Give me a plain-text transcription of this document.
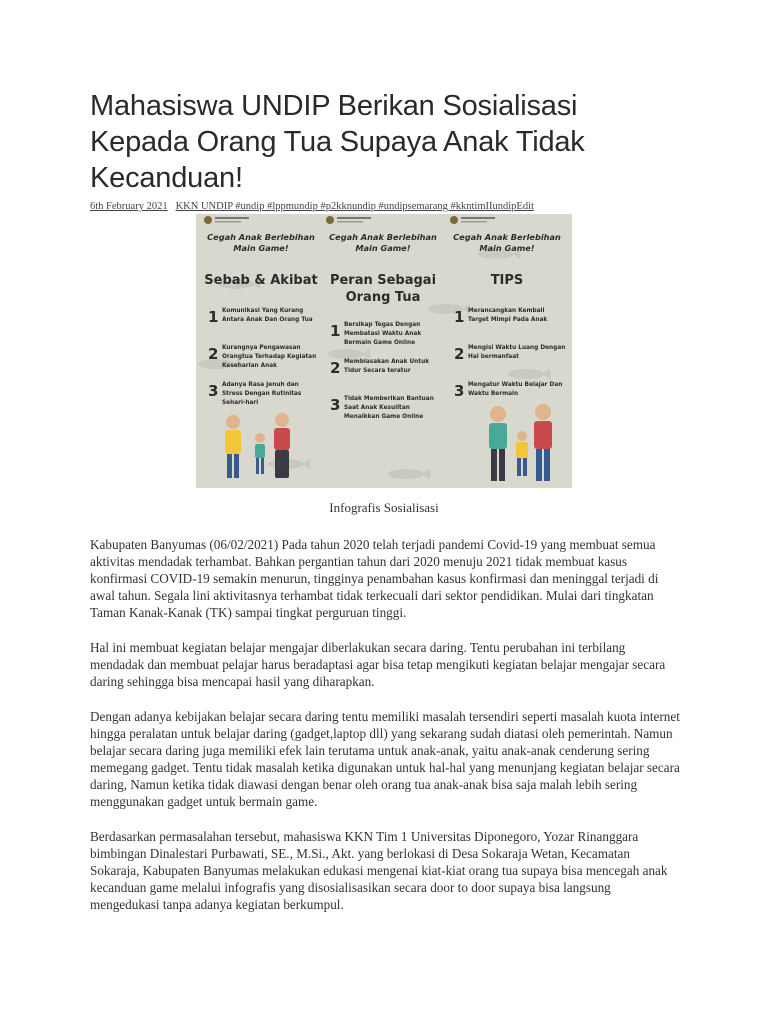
Mahasiswa UNDIP Berikan Sosialisasi Kepada Orang Tua Supaya Anak Tidak Kecanduan!
6th February 2021 KKN UNDIP #undip #lppmundip #p2kknundip #undipsemarang #kkntimIIundipEdit
Cegah Anak Berlebihan
Main Game!
Sebab & Akibat
1 Komunikasi Yang Kurang
Antara Anak Dan Orang Tua
2 Kurangnya Pengawasan
Orangtua Terhadap Kegiatan
Keseharian Anak
3 Adanya Rasa Jenuh dan
Stress Dengan Rutinitas
Sehari-hari
Cegah Anak Berlebihan
Main Game!
Peran Sebagai
Orang Tua
1 Bersikap Tegas Dengan
Membatasi Waktu Anak
Bermain Game Online
2 Membiasakan Anak Untuk
Tidur Secara teratur
3 Tidak Memberikan Bantuan
Saat Anak Kesulitan
Menaikkan Game Online
Cegah Anak Berlebihan
Main Game!
TIPS
1 Merancangkan Kembali
Target Mimpi Pada Anak
2 Mengisi Waktu Luang Dengan
Hal bermanfaat
3 Mengatur Waktu Belajar Dan
Waktu Bermain
Infografis Sosialisasi

Kabupaten Banyumas (06/02/2021) Pada tahun 2020 telah terjadi pandemi Covid-19 yang membuat semua aktivitas mendadak terhambat. Bahkan pergantian tahun dari 2020 menuju 2021 tidak membuat kasus konfirmasi COVID-19 semakin menurun, tingginya penambahan kasus konfirmasi dan meninggal terjadi di awal tahun. Segala lini aktivitasnya terhambat tidak terkecuali dari sektor pendidikan. Mulai dari tingkatan Taman Kanak-Kanak (TK) sampai tingkat perguruan tinggi.

Hal ini membuat kegiatan belajar mengajar diberlakukan secara daring. Tentu perubahan ini terbilang mendadak dan membuat pelajar harus beradaptasi agar bisa tetap mengikuti kegiatan belajar mengajar secara daring sehingga bisa mencapai hasil yang diharapkan.

Dengan adanya kebijakan belajar secara daring tentu memiliki masalah tersendiri seperti masalah kuota internet hingga peralatan untuk belajar daring (gadget,laptop dll) yang sekarang sudah diatasi oleh pemerintah. Namun belajar secara daring juga memiliki efek lain terutama untuk anak-anak, yaitu anak-anak cenderung sering memegang gadget. Tentu tidak masalah ketika digunakan untuk hal-hal yang menunjang kegiatan belajar secara daring, Namun ketika tidak diawasi dengan benar oleh orang tua anak-anak bisa saja malah lebih sering menggunakan gadget untuk bermain game.

Berdasarkan permasalahan tersebut, mahasiswa KKN Tim 1 Universitas Diponegoro, Yozar Rinanggara bimbingan Dinalestari Purbawati, SE., M.Si., Akt. yang berlokasi di Desa Sokaraja Wetan, Kecamatan Sokaraja, Kabupaten Banyumas melakukan edukasi mengenai kiat-kiat orang tua supaya bisa mencegah anak kecanduan game melalui infografis yang disosialisasikan secara door to door supaya bisa langsung mengedukasi tanpa adanya kegiatan berkumpul.
